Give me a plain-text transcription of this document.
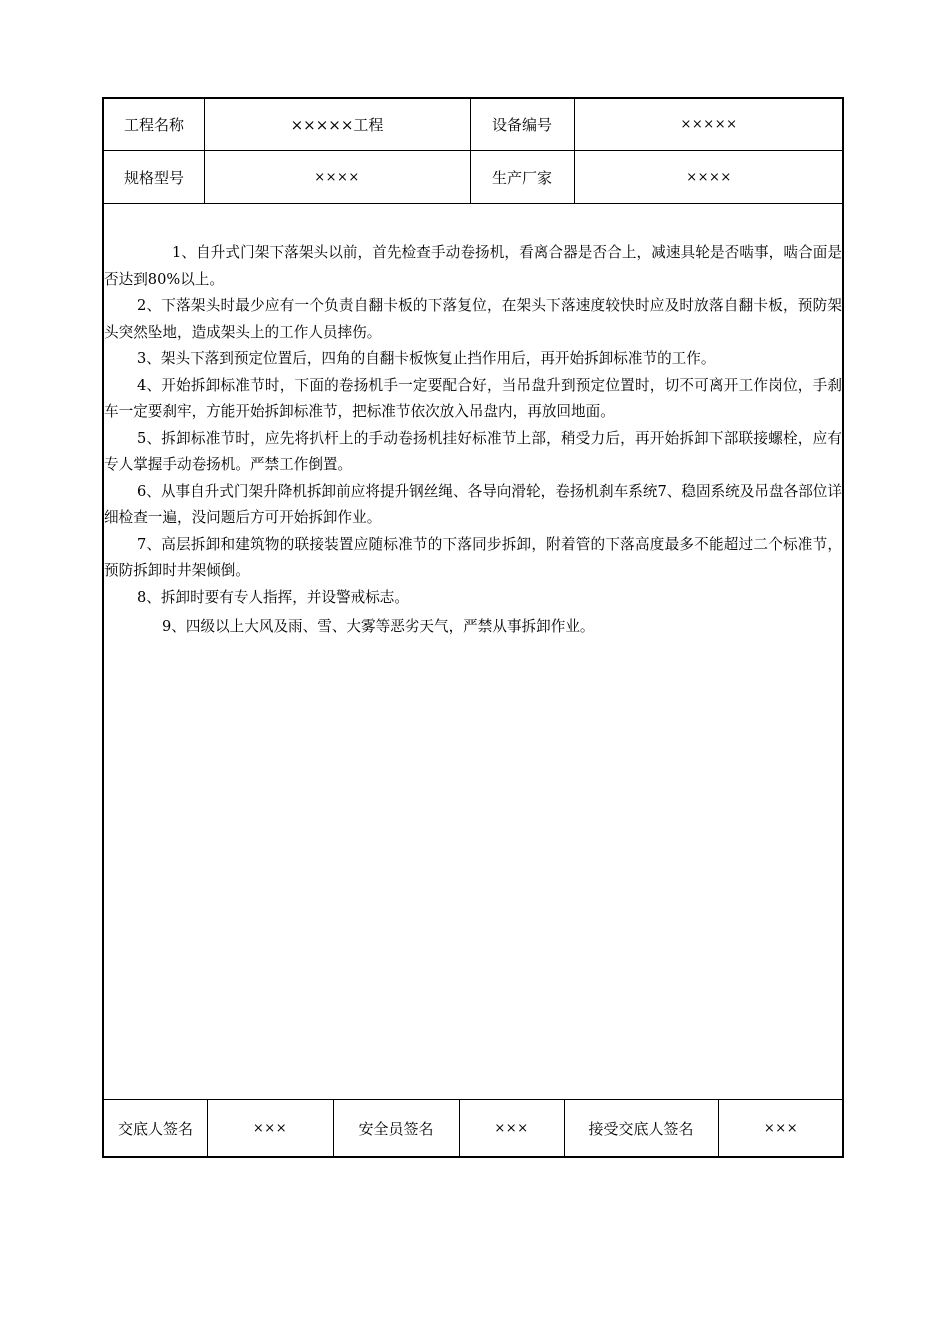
工程名称	×××××工程	设备编号	×××××
规格型号	××××	生产厂家	××××

1、自升式门架下落架头以前，首先检查手动卷扬机，看离合器是否合上，减速具轮是否啮事，啮合面是否达到80%以上。

2、下落架头时最少应有一个负责自翻卡板的下落复位，在架头下落速度较快时应及时放落自翻卡板，预防架头突然坠地，造成架头上的工作人员摔伤。

3、架头下落到预定位置后，四角的自翻卡板恢复止挡作用后，再开始拆卸标准节的工作。

4、开始拆卸标准节时，下面的卷扬机手一定要配合好，当吊盘升到预定位置时，切不可离开工作岗位，手刹车一定要刹牢，方能开始拆卸标准节，把标准节依次放入吊盘内，再放回地面。

5、拆卸标准节时，应先将扒杆上的手动卷扬机挂好标准节上部，稍受力后，再开始拆卸下部联接螺栓，应有专人掌握手动卷扬机。严禁工作倒置。

6、从事自升式门架升降机拆卸前应将提升钢丝绳、各导向滑轮，卷扬机刹车系统7、稳固系统及吊盘各部位详细检查一遍，没问题后方可开始拆卸作业。

7、高层拆卸和建筑物的联接装置应随标准节的下落同步拆卸，附着管的下落高度最多不能超过二个标准节，预防拆卸时井架倾倒。

8、拆卸时要有专人指挥，并设警戒标志。

9、四级以上大风及雨、雪、大雾等恶劣天气，严禁从事拆卸作业。

交底人签名	×××	安全员签名	×××	接受交底人签名	×××
